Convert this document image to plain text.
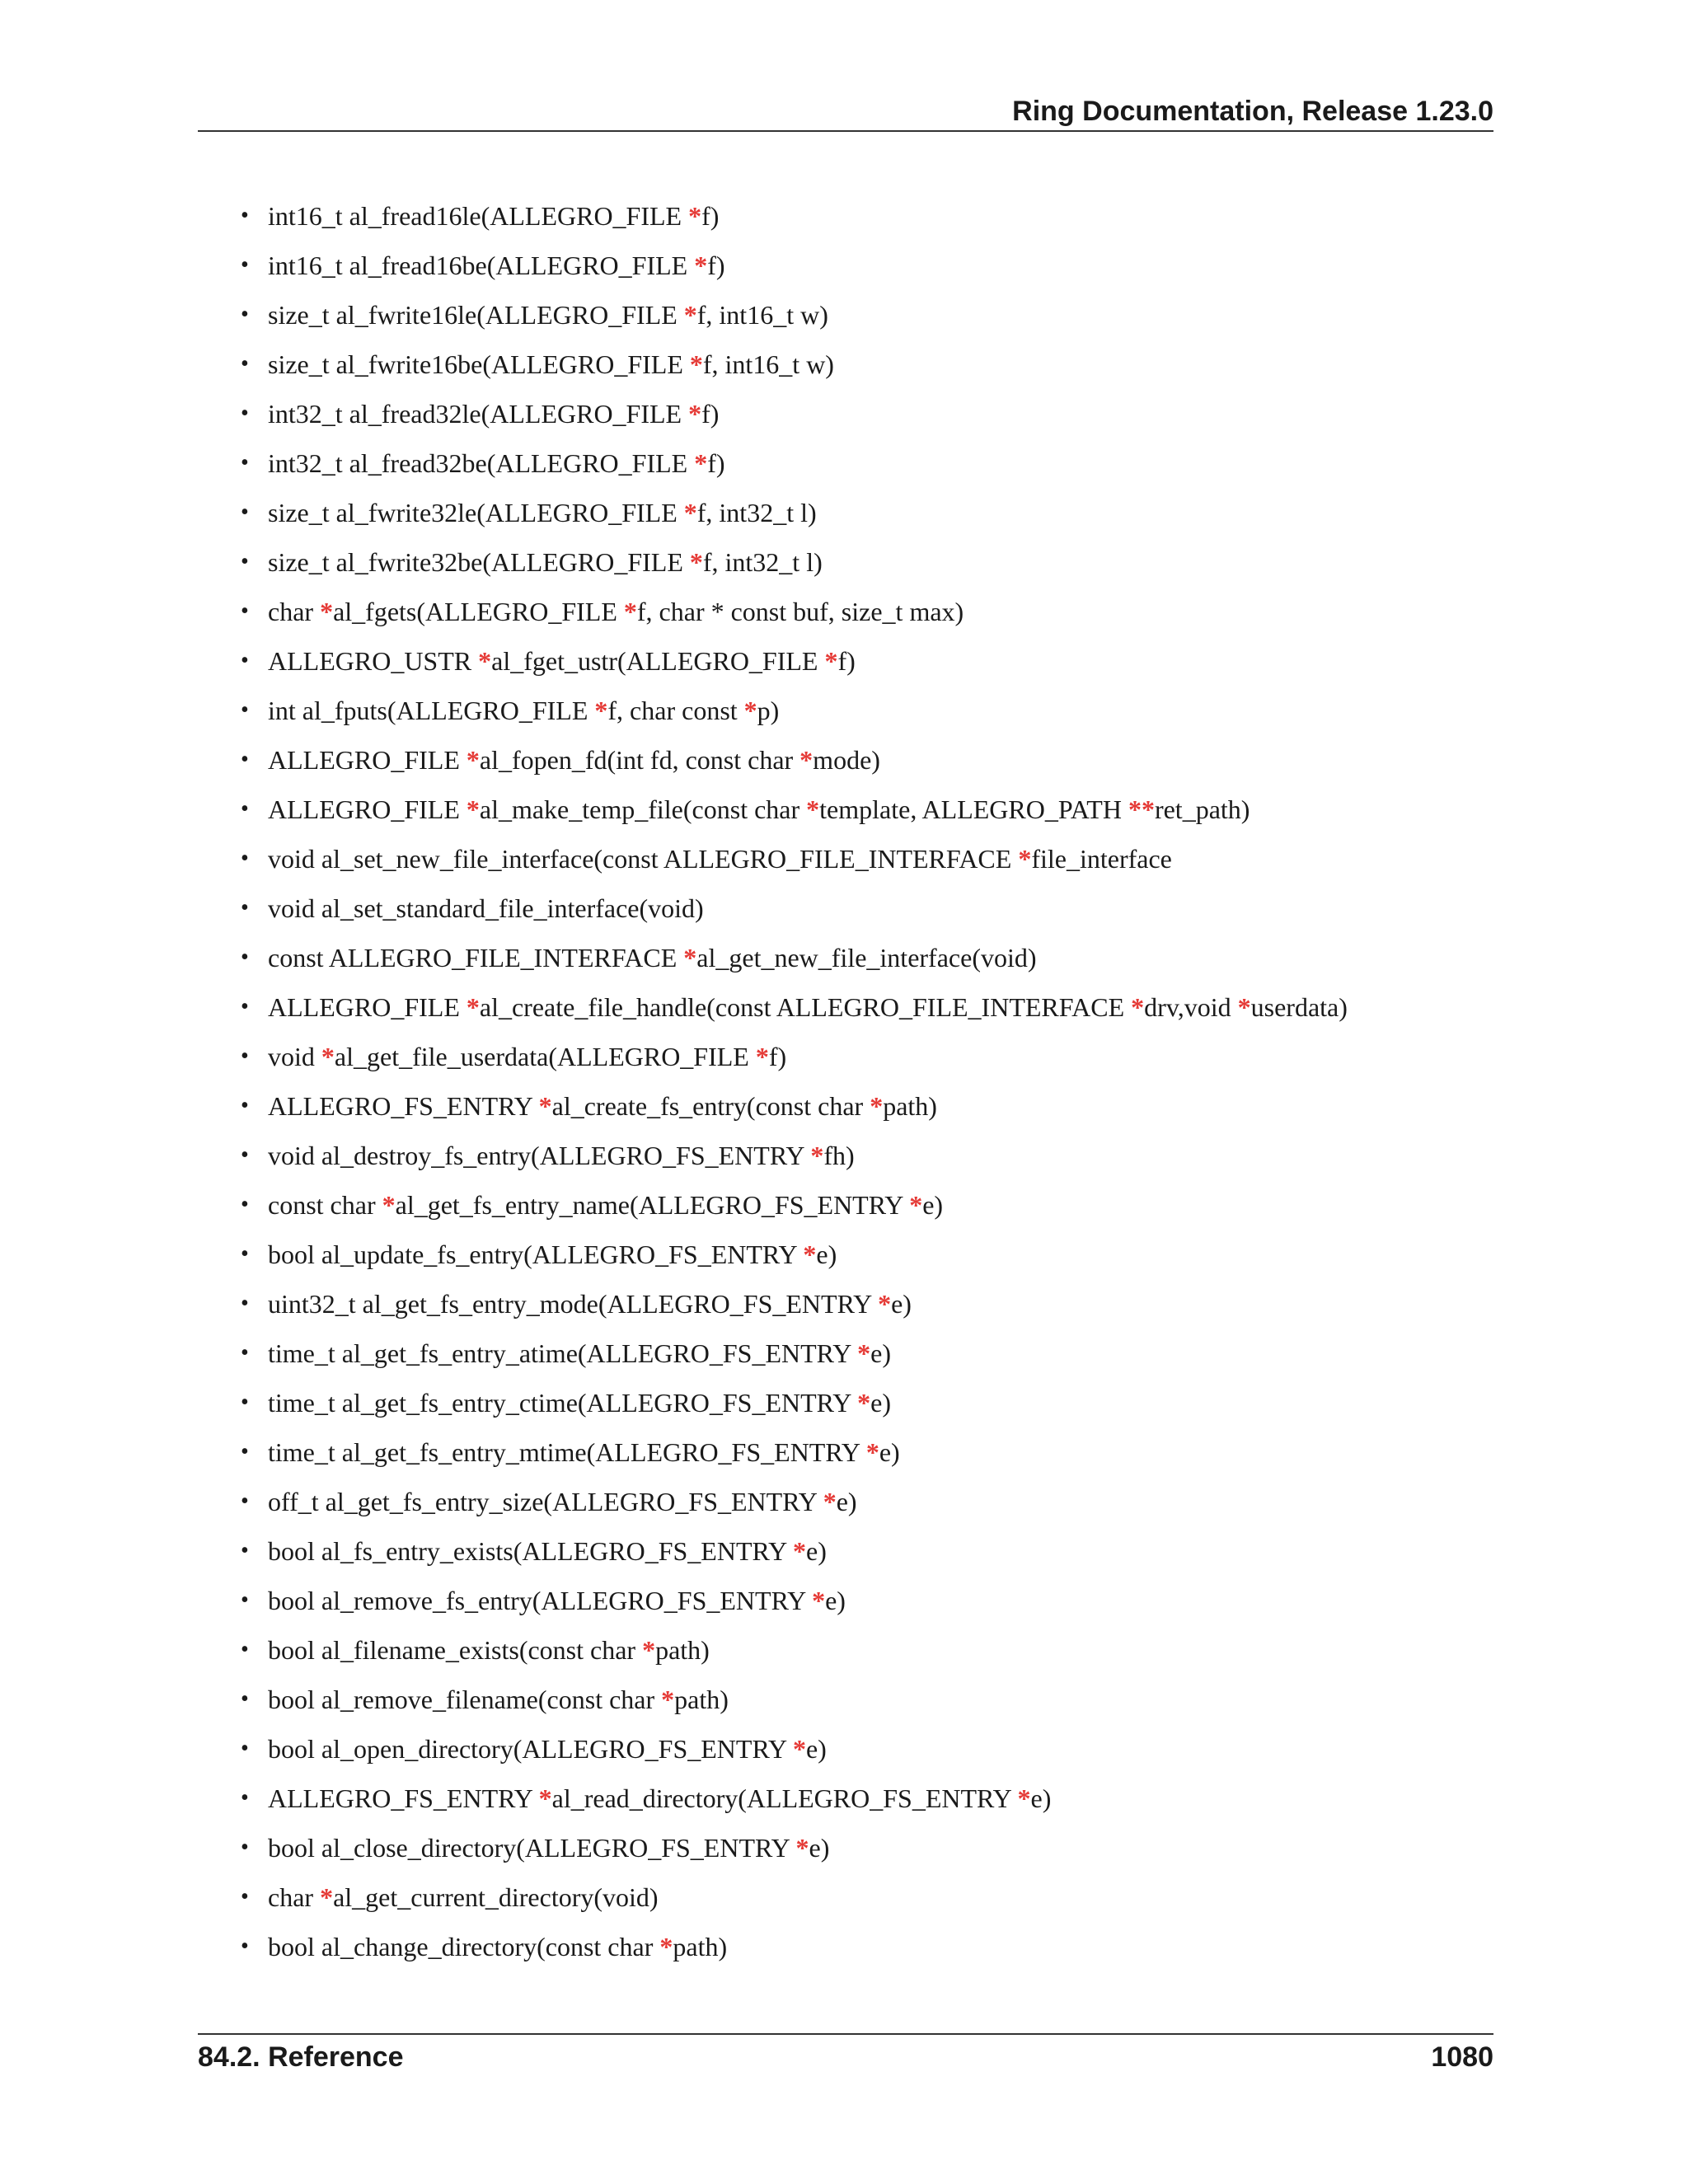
Ring Documentation, Release 1.23.0
• int16_t al_fread16le(ALLEGRO_FILE *f)
• int16_t al_fread16be(ALLEGRO_FILE *f)
• size_t al_fwrite16le(ALLEGRO_FILE *f, int16_t w)
• size_t al_fwrite16be(ALLEGRO_FILE *f, int16_t w)
• int32_t al_fread32le(ALLEGRO_FILE *f)
• int32_t al_fread32be(ALLEGRO_FILE *f)
• size_t al_fwrite32le(ALLEGRO_FILE *f, int32_t l)
• size_t al_fwrite32be(ALLEGRO_FILE *f, int32_t l)
• char *al_fgets(ALLEGRO_FILE *f, char * const buf, size_t max)
• ALLEGRO_USTR *al_fget_ustr(ALLEGRO_FILE *f)
• int al_fputs(ALLEGRO_FILE *f, char const *p)
• ALLEGRO_FILE *al_fopen_fd(int fd, const char *mode)
• ALLEGRO_FILE *al_make_temp_file(const char *template, ALLEGRO_PATH **ret_path)
• void al_set_new_file_interface(const ALLEGRO_FILE_INTERFACE *file_interface
• void al_set_standard_file_interface(void)
• const ALLEGRO_FILE_INTERFACE *al_get_new_file_interface(void)
• ALLEGRO_FILE *al_create_file_handle(const ALLEGRO_FILE_INTERFACE *drv,void *userdata)
• void *al_get_file_userdata(ALLEGRO_FILE *f)
• ALLEGRO_FS_ENTRY *al_create_fs_entry(const char *path)
• void al_destroy_fs_entry(ALLEGRO_FS_ENTRY *fh)
• const char *al_get_fs_entry_name(ALLEGRO_FS_ENTRY *e)
• bool al_update_fs_entry(ALLEGRO_FS_ENTRY *e)
• uint32_t al_get_fs_entry_mode(ALLEGRO_FS_ENTRY *e)
• time_t al_get_fs_entry_atime(ALLEGRO_FS_ENTRY *e)
• time_t al_get_fs_entry_ctime(ALLEGRO_FS_ENTRY *e)
• time_t al_get_fs_entry_mtime(ALLEGRO_FS_ENTRY *e)
• off_t al_get_fs_entry_size(ALLEGRO_FS_ENTRY *e)
• bool al_fs_entry_exists(ALLEGRO_FS_ENTRY *e)
• bool al_remove_fs_entry(ALLEGRO_FS_ENTRY *e)
• bool al_filename_exists(const char *path)
• bool al_remove_filename(const char *path)
• bool al_open_directory(ALLEGRO_FS_ENTRY *e)
• ALLEGRO_FS_ENTRY *al_read_directory(ALLEGRO_FS_ENTRY *e)
• bool al_close_directory(ALLEGRO_FS_ENTRY *e)
• char *al_get_current_directory(void)
• bool al_change_directory(const char *path)
84.2. Reference	1080
